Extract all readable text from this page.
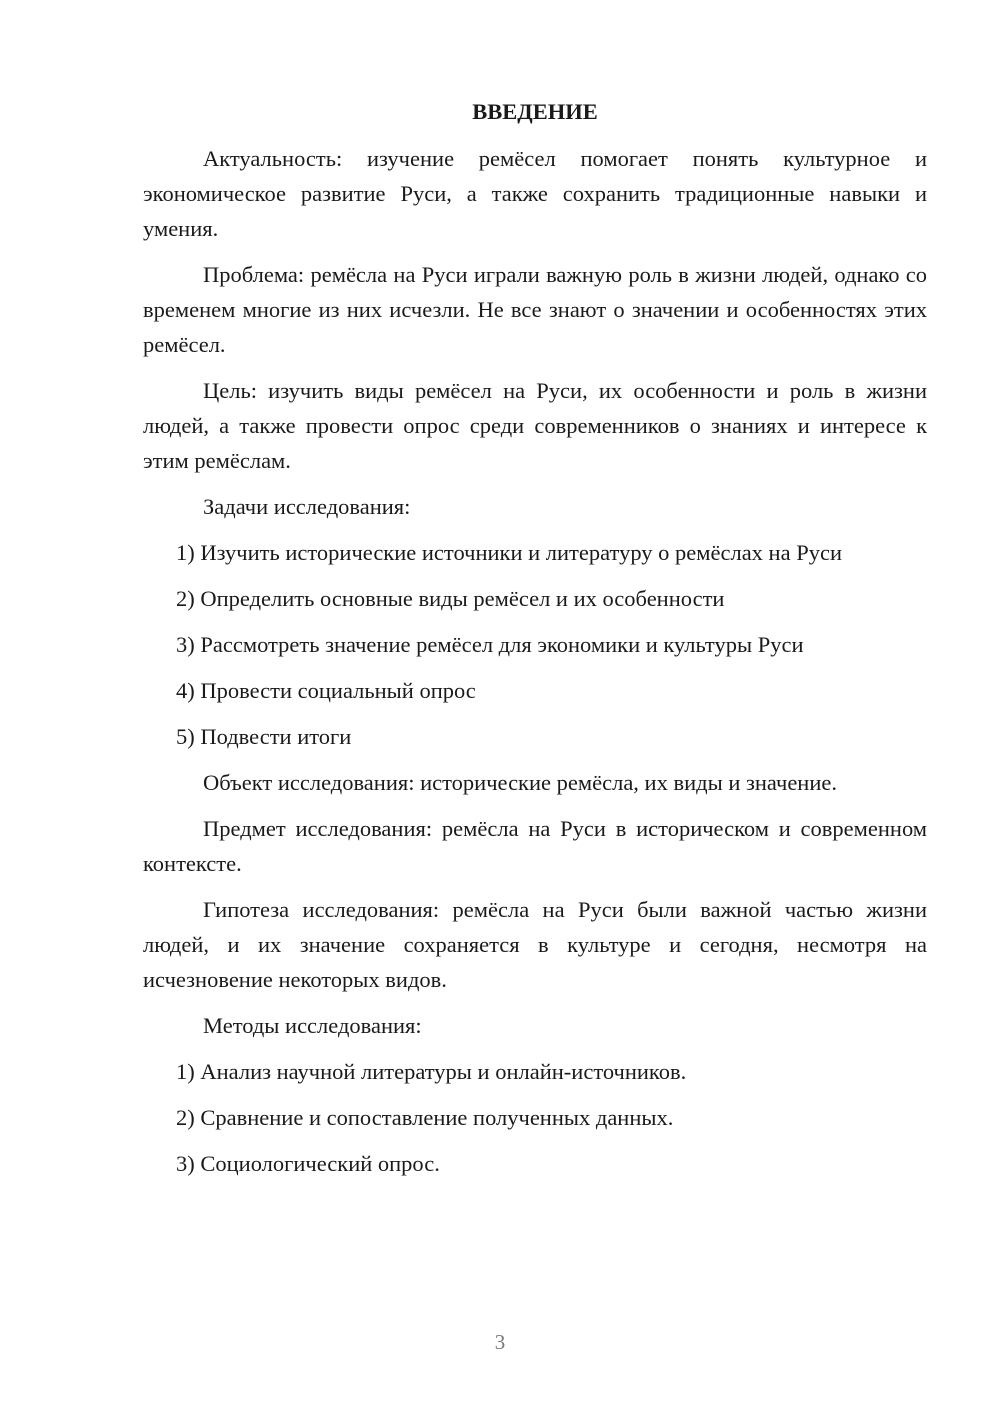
ВВЕДЕНИЕ

Актуальность: изучение ремёсел помогает понять культурное и экономическое развитие Руси, а также сохранить традиционные навыки и умения.

Проблема: ремёсла на Руси играли важную роль в жизни людей, однако со временем многие из них исчезли. Не все знают о значении и особенностях этих ремёсел.

Цель: изучить виды ремёсел на Руси, их особенности и роль в жизни людей, а также провести опрос среди современников о знаниях и интересе к этим ремёслам.

Задачи исследования:

1) Изучить исторические источники и литературу о ремёслах на Руси

2) Определить основные виды ремёсел и их особенности

3) Рассмотреть значение ремёсел для экономики и культуры Руси

4) Провести социальный опрос

5) Подвести итоги

Объект исследования: исторические ремёсла, их виды и значение.

Предмет исследования: ремёсла на Руси в историческом и современном контексте.

Гипотеза исследования: ремёсла на Руси были важной частью жизни людей, и их значение сохраняется в культуре и сегодня, несмотря на исчезновение некоторых видов.

Методы исследования:

1) Анализ научной литературы и онлайн-источников.

2) Сравнение и сопоставление полученных данных.

3) Социологический опрос.

3
